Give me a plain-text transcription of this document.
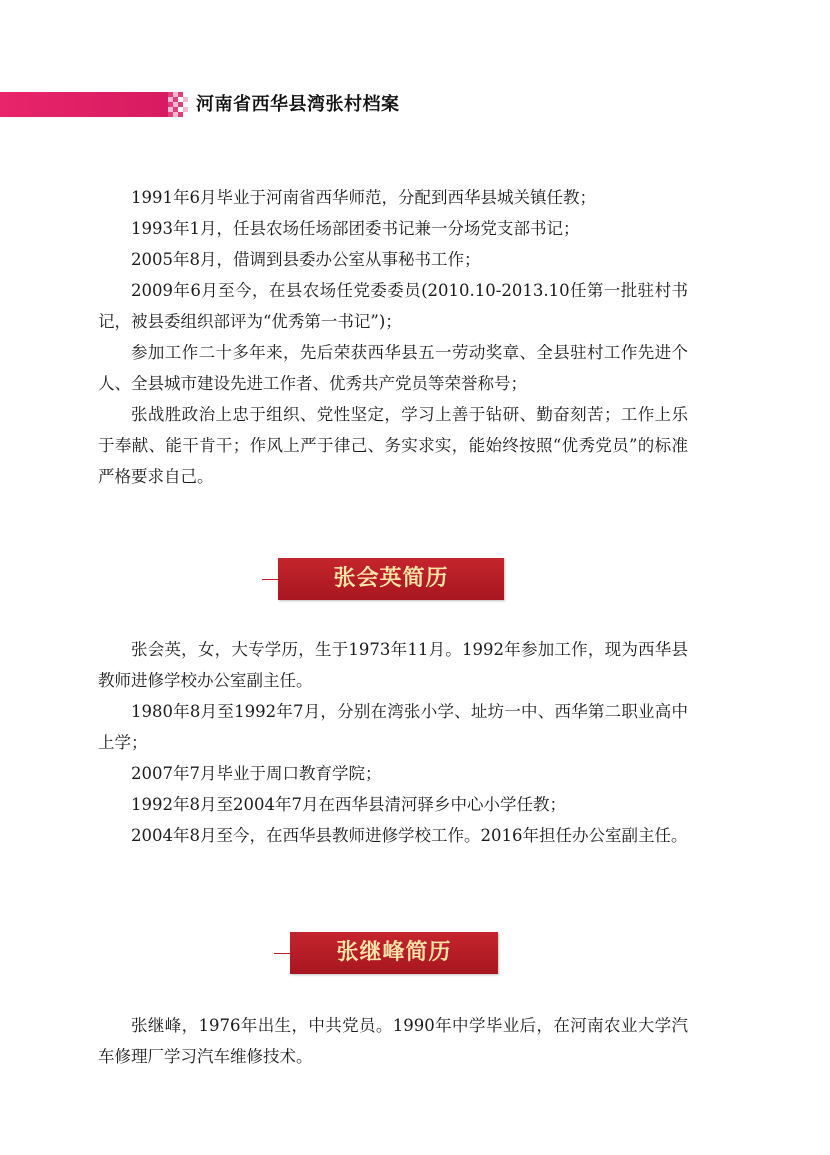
河南省西华县湾张村档案

1991年6月毕业于河南省西华师范，分配到西华县城关镇任教；

1993年1月，任县农场任场部团委书记兼一分场党支部书记；

2005年8月，借调到县委办公室从事秘书工作；

2009年6月至今，在县农场任党委委员(2010.10-2013.10任第一批驻村书记，被县委组织部评为“优秀第一书记”)；

参加工作二十多年来，先后荣获西华县五一劳动奖章、全县驻村工作先进个人、全县城市建设先进工作者、优秀共产党员等荣誉称号；

张战胜政治上忠于组织、党性坚定，学习上善于钻研、勤奋刻苦；工作上乐于奉献、能干肯干；作风上严于律己、务实求实，能始终按照“优秀党员”的标准严格要求自己。

张会英简历

张会英，女，大专学历，生于1973年11月。1992年参加工作，现为西华县教师进修学校办公室副主任。

1980年8月至1992年7月，分别在湾张小学、址坊一中、西华第二职业高中上学；

2007年7月毕业于周口教育学院；

1992年8月至2004年7月在西华县清河驿乡中心小学任教；

2004年8月至今，在西华县教师进修学校工作。2016年担任办公室副主任。

张继峰简历

张继峰，1976年出生，中共党员。1990年中学毕业后，在河南农业大学汽车修理厂学习汽车维修技术。
